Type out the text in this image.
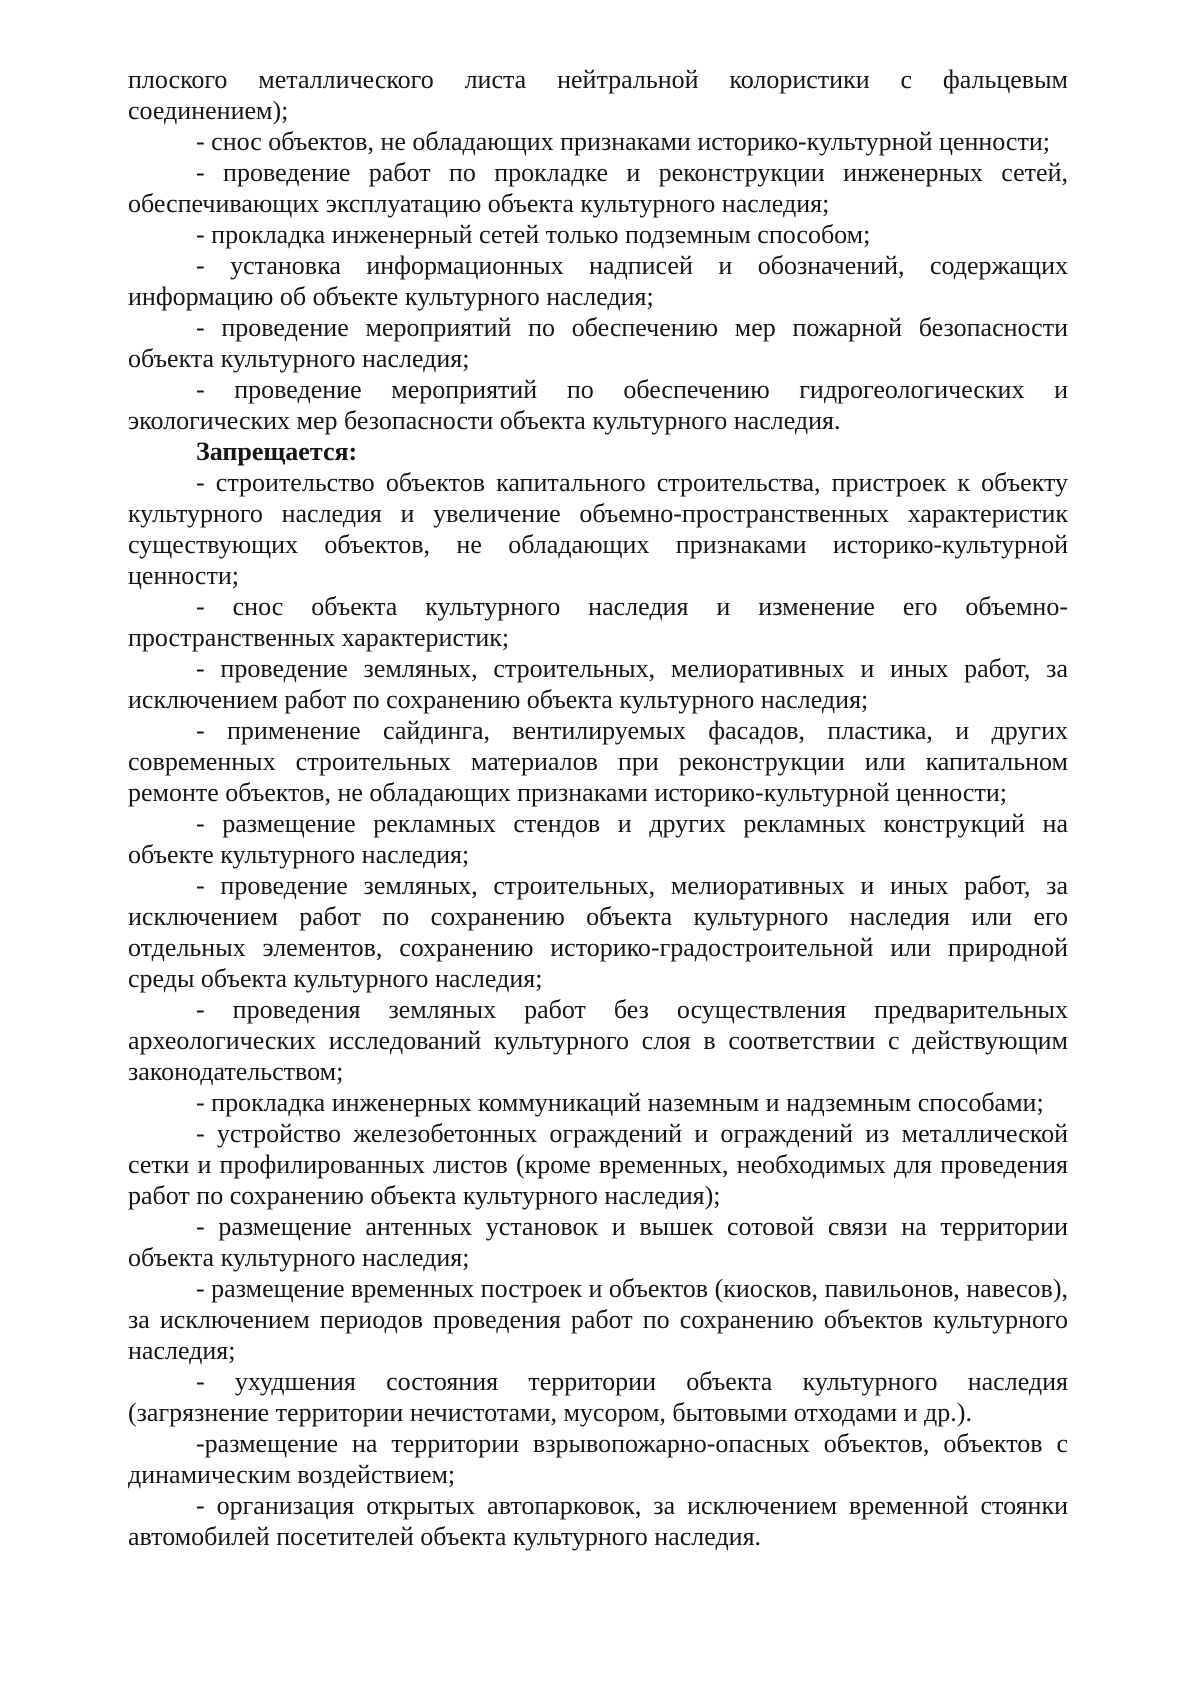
плоского металлического листа нейтральной колористики с фальцевым соединением);

- снос объектов, не обладающих признаками историко-культурной ценности;

- проведение работ по прокладке и реконструкции инженерных сетей, обеспечивающих эксплуатацию объекта культурного наследия;

- прокладка инженерный сетей только подземным способом;

- установка информационных надписей и обозначений, содержащих информацию об объекте культурного наследия;

- проведение мероприятий по обеспечению мер пожарной безопасности объекта культурного наследия;

- проведение мероприятий по обеспечению гидрогеологических и экологических мер безопасности объекта культурного наследия.

Запрещается:

- строительство объектов капитального строительства, пристроек к объекту культурного наследия и увеличение объемно-пространственных характеристик существующих объектов, не обладающих признаками историко-культурной ценности;

- снос объекта культурного наследия и изменение его объемно-пространственных характеристик;

- проведение земляных, строительных, мелиоративных и иных работ, за исключением работ по сохранению объекта культурного наследия;

- применение сайдинга, вентилируемых фасадов, пластика, и других современных строительных материалов при реконструкции или капитальном ремонте объектов, не обладающих признаками историко-культурной ценности;

- размещение рекламных стендов и других рекламных конструкций на объекте культурного наследия;

- проведение земляных, строительных, мелиоративных и иных работ, за исключением работ по сохранению объекта культурного наследия или его отдельных элементов, сохранению историко-градостроительной или природной среды объекта культурного наследия;

- проведения земляных работ без осуществления предварительных археологических исследований культурного слоя в соответствии с действующим законодательством;

- прокладка инженерных коммуникаций наземным и надземным способами;

- устройство железобетонных ограждений и ограждений из металлической сетки и профилированных листов (кроме временных, необходимых для проведения работ по сохранению объекта культурного наследия);

- размещение антенных установок и вышек сотовой связи на территории объекта культурного наследия;

- размещение временных построек и объектов (киосков, павильонов, навесов), за исключением периодов проведения работ по сохранению объектов культурного наследия;

- ухудшения состояния территории объекта культурного наследия (загрязнение территории нечистотами, мусором, бытовыми отходами и др.).

-размещение на территории взрывопожарно-опасных объектов, объектов с динамическим воздействием;

- организация открытых автопарковок, за исключением временной стоянки автомобилей посетителей объекта культурного наследия.
